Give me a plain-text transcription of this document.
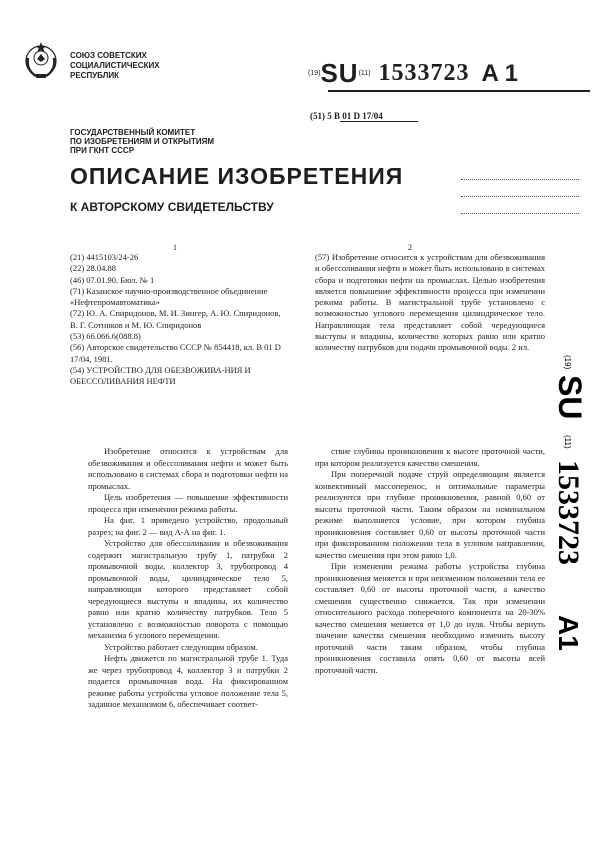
СОЮЗ СОВЕТСКИХ
СОЦИАЛИСТИЧЕСКИХ
РЕСПУБЛИК	(19)SU(11) 1533723 A 1
(51) 5 B 01 D 17/04
ГОСУДАРСТВЕННЫЙ КОМИТЕТ
ПО ИЗОБРЕТЕНИЯМ И ОТКРЫТИЯМ
ПРИ ГКНТ СССР
ОПИСАНИЕ ИЗОБРЕТЕНИЯ
К АВТОРСКОМУ СВИДЕТЕЛЬСТВУ
1	2

(21) 4415103/24-26

(22) 28.04.88

(46) 07.01.90. Бюл. № 1

(71) Казанское научно-производственное объединение «Нефтепромавтоматика»

(72) Ю. А. Спиридонов, М. И. Зингер, А. Ю. Спиридонов, В. Г. Сотников и М. Ю. Спиридонов

(53) 66.066.6(088.8)

(56) Авторское свидетельство СССР № 854418, кл. B 01 D 17/04, 1981.

(54) УСТРОЙСТВО ДЛЯ ОБЕЗВОЖИВА-НИЯ И ОБЕССОЛИВАНИЯ НЕФТИ

(57) Изобретение относится к устройствам для обезвоживания и обессоливания нефти и может быть использовано в системах сбора и подготовки нефти на промыслах. Целью изобретения является повышение эффективности процесса при изменении режима работы. В магистральной трубе установлено с возможностью углового перемещения цилиндрическое тело. Направляющая тела представляет собой чередующиеся выступы и впадины, количество которых равно или кратно количеству патрубков для подачи промывочной воды. 2 ил.

Изобретение относится к устройствам для обезвоживания и обессоливания нефти и может быть использовано в системах сбора и подготовки нефти на промыслах.

Цель изобретения — повышение эффективности процесса при изменении режима работы.

На фиг. 1 приведено устройство, продольный разрез; на фиг. 2 — вид А-А на фиг. 1.

Устройство для обессоливания и обезвоживания содержит магистральную трубу 1, патрубки 2 промывочной воды, коллектор 3, трубопровод 4 промывочной воды, цилиндрическое тело 5, направляющая которого представляет собой чередующиеся выступы и впадины, их количество равно или кратно количеству патрубков. Тело 5 установлено с возможностью поворота с помощью механизма 6 углового перемещения.

Устройство работает следующим образом.

Нефть движется по магистральной трубе 1. Туда же через трубопровод 4, коллектор 3 и патрубки 2 подается промывочная вода. На фиксированном режиме работы устройства угловое положение тела 5, заданное механизмом 6, обеспечивает соответ-

ствие глубины проникновения к высоте проточной части, при котором реализуется качество смешения.

При поперечной подаче струй определяющим является конвективный массоперенос, и оптимальные параметры реализуются при глубине проникновения, равной 0,60 от высоты проточной части. Таким образом на номинальном режиме выполняется условие, при котором глубина проникновения составляет 0,60 от высоты проточной части при фиксированном положении тела в угловом направлении, качество смешения при этом равно 1,0.

При изменении режима работы устройства глубина проникновения меняется и при неизменном положении тела ее составляет 0,60 от высоты проточной части, а качество смешения существенно снижается. Так при изменении относительного расхода поперечного компонента на 20-30% качество смешения меняется от 1,0 до нуля. Чтобы вернуть значение качества смешения необходимо изменить высоту проточной части таким образом, чтобы глубина проникновения составила опять 0,60 от высоты всей проточной части.

(19)
SU
(11)
1533723
A1
